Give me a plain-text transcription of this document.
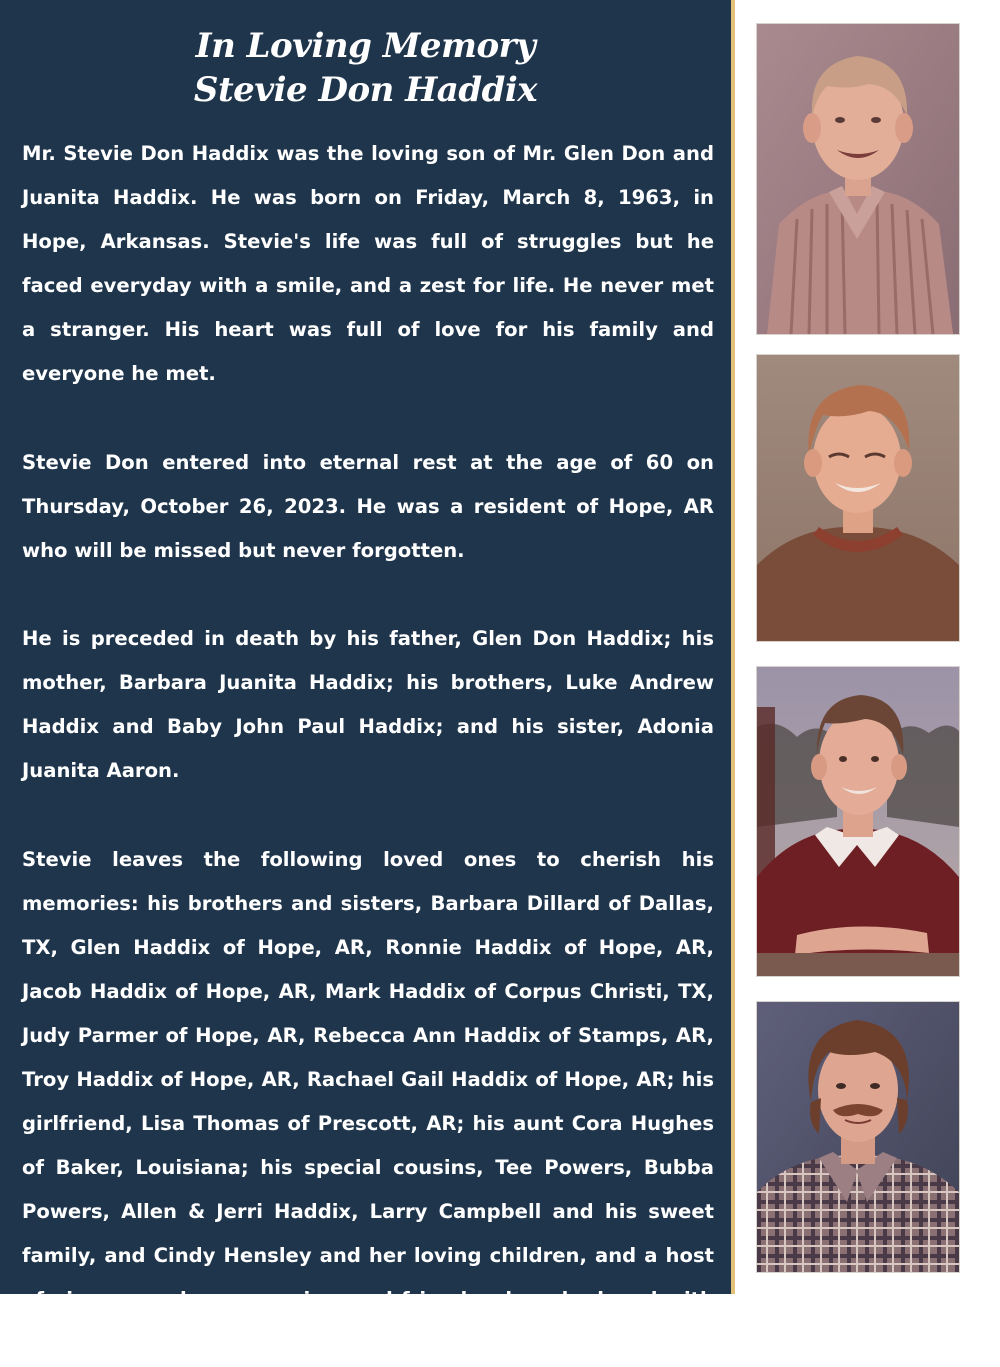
In Loving Memory
Stevie Don Haddix

Mr. Stevie Don Haddix was the loving son of Mr. Glen Don and Juanita Haddix. He was born on Friday, March 8, 1963, in Hope, Arkansas. Stevie's life was full of struggles but he faced everyday with a smile, and a zest for life. He never met a stranger. His heart was full of love for his family and everyone he met.

Stevie Don entered into eternal rest at the age of 60 on Thursday, October 26, 2023. He was a resident of Hope, AR who will be missed but never forgotten.

He is preceded in death by his father, Glen Don Haddix; his mother, Barbara Juanita Haddix; his brothers, Luke Andrew Haddix and Baby John Paul Haddix; and his sister, Adonia Juanita Aaron.

Stevie leaves the following loved ones to cherish his memories: his brothers and sisters, Barbara Dillard of Dallas, TX, Glen Haddix of Hope, AR, Ronnie Haddix of Hope, AR, Jacob Haddix of Hope, AR, Mark Haddix of Corpus Christi, TX, Judy Parmer of Hope, AR, Rebecca Ann Haddix of Stamps, AR, Troy Haddix of Hope, AR, Rachael Gail Haddix of Hope, AR; his girlfriend, Lisa Thomas of Prescott, AR; his aunt Cora Hughes of Baker, Louisiana; his special cousins, Tee Powers, Bubba Powers, Allen & Jerri Haddix, Larry Campbell and his sweet family, and Cindy Hensley and her loving children, and a host of nieces, nephews, cousins, and friends whom he loved with all his heart.
